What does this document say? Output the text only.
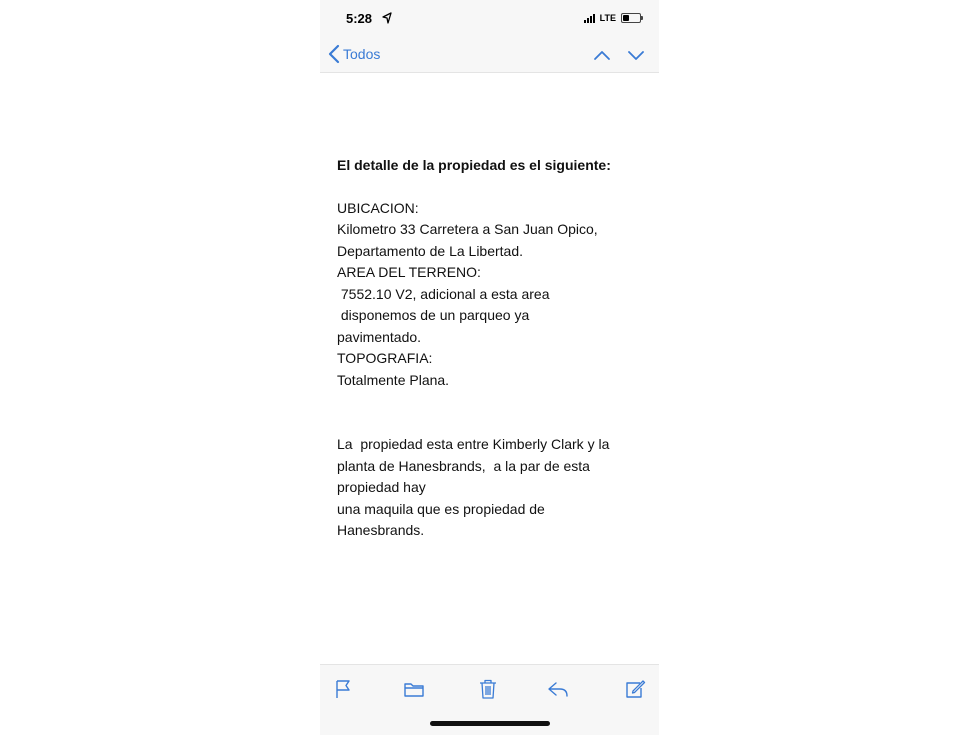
5:28	LTE
Todos

El detalle de la propiedad es el siguiente:

UBICACION:

Kilometro 33 Carretera a San Juan Opico,

Departamento de La Libertad.

AREA DEL TERRENO:

7552.10 V2, adicional a esta area

disponemos de un parqueo ya

pavimentado.

TOPOGRAFIA:

Totalmente Plana.

La  propiedad esta entre Kimberly Clark y la

planta de Hanesbrands,  a la par de esta

propiedad hay

una maquila que es propiedad de

Hanesbrands.
